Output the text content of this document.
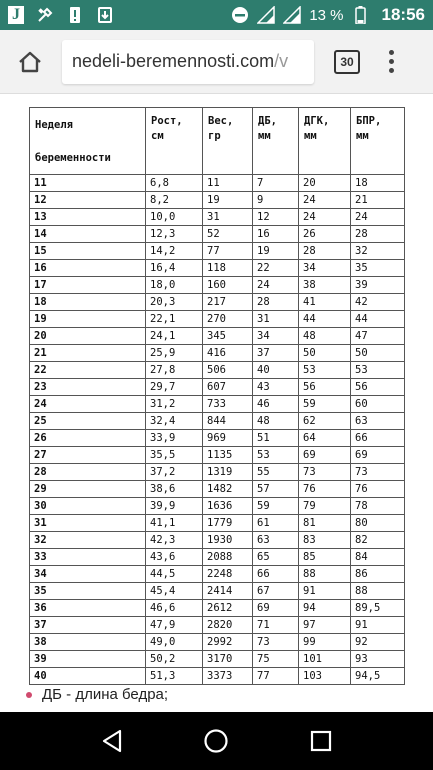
J	13 % 18:56
nedeli-beremennosti.com /v	30
Неделя
беременности	Рост, см	Вес, гр	ДБ, мм	ДГК, мм	БПР, мм
11	6,8	11	7	20	18
12	8,2	19	9	24	21
13	10,0	31	12	24	24
14	12,3	52	16	26	28
15	14,2	77	19	28	32
16	16,4	118	22	34	35
17	18,0	160	24	38	39
18	20,3	217	28	41	42
19	22,1	270	31	44	44
20	24,1	345	34	48	47
21	25,9	416	37	50	50
22	27,8	506	40	53	53
23	29,7	607	43	56	56
24	31,2	733	46	59	60
25	32,4	844	48	62	63
26	33,9	969	51	64	66
27	35,5	1135	53	69	69
28	37,2	1319	55	73	73
29	38,6	1482	57	76	76
30	39,9	1636	59	79	78
31	41,1	1779	61	81	80
32	42,3	1930	63	83	82
33	43,6	2088	65	85	84
34	44,5	2248	66	88	86
35	45,4	2414	67	91	88
36	46,6	2612	69	94	89,5
37	47,9	2820	71	97	91
38	49,0	2992	73	99	92
39	50,2	3170	75	101	93
40	51,3	3373	77	103	94,5
ДБ - длина бедра;
